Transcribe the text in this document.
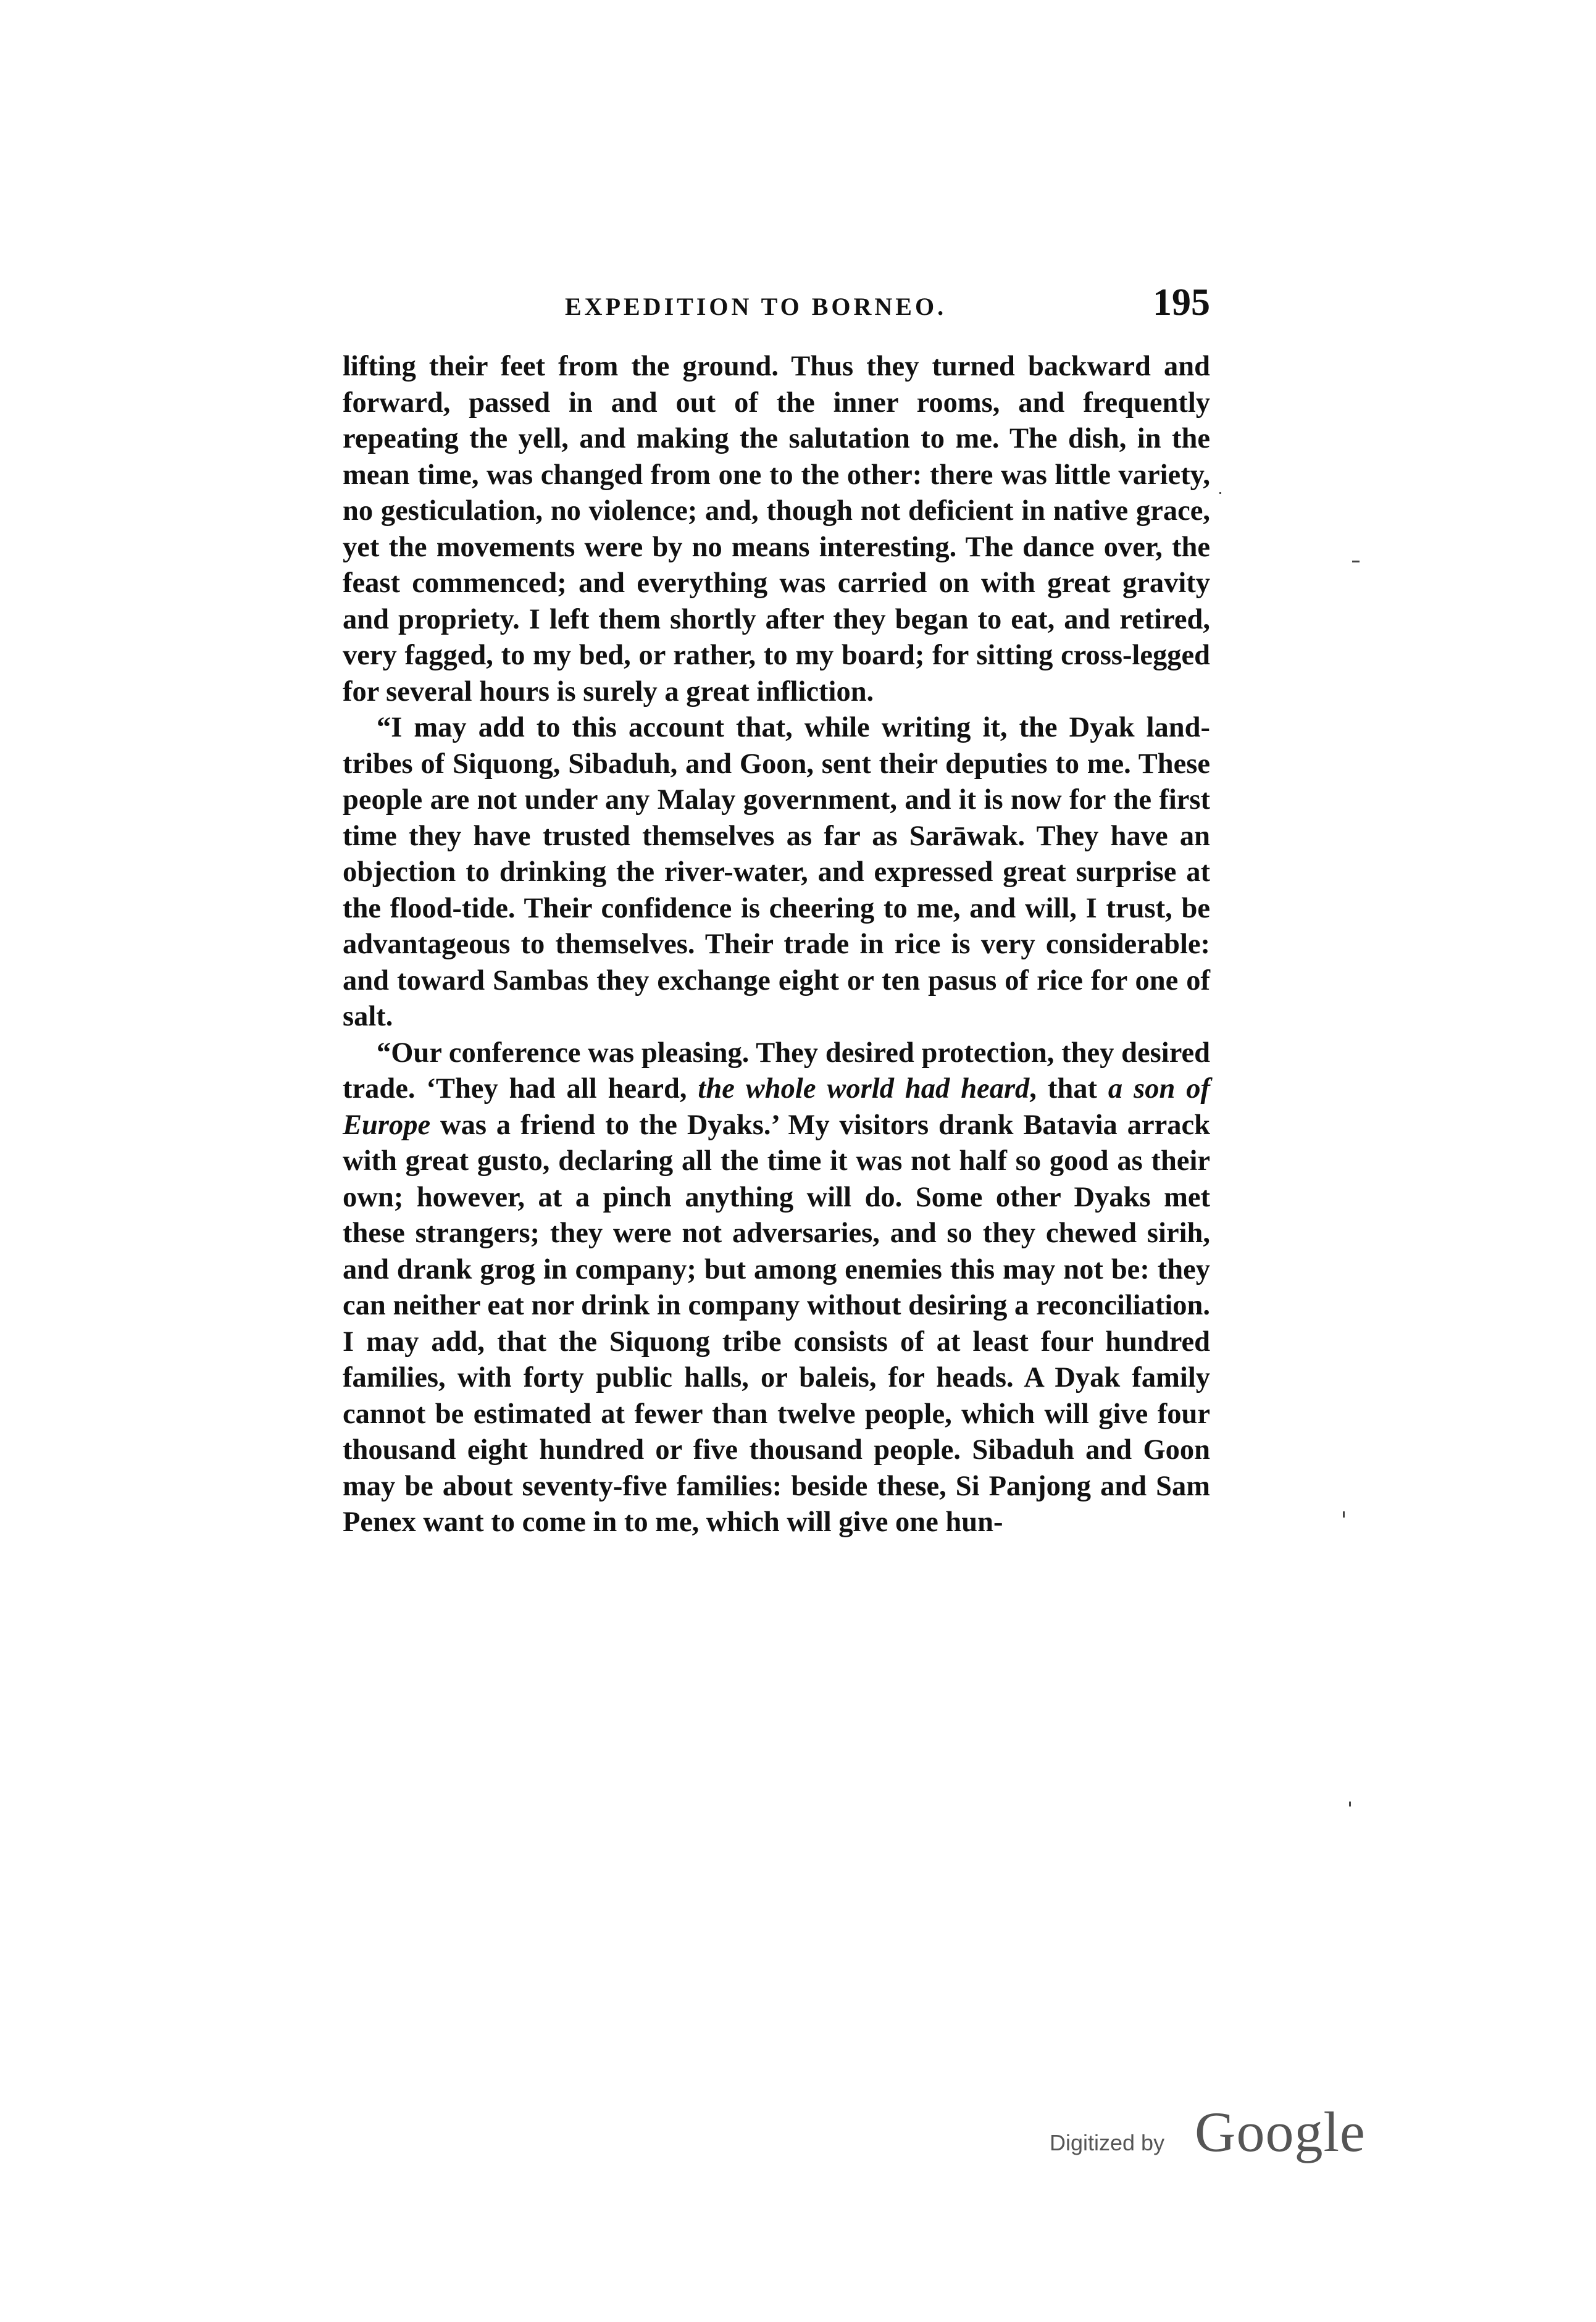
EXPEDITION TO BORNEO.	195

lifting their feet from the ground. Thus they turned backward and forward, passed in and out of the inner rooms, and frequently repeating the yell, and making the salutation to me. The dish, in the mean time, was changed from one to the other: there was little variety, no gesticulation, no violence; and, though not deficient in native grace, yet the movements were by no means interesting. The dance over, the feast commenced; and everything was carried on with great gravity and propriety. I left them shortly after they began to eat, and retired, very fagged, to my bed, or rather, to my board; for sitting cross-legged for several hours is surely a great infliction.

“I may add to this account that, while writing it, the Dyak land-tribes of Siquong, Sibaduh, and Goon, sent their deputies to me. These people are not under any Malay government, and it is now for the first time they have trusted themselves as far as Sarāwak. They have an objection to drinking the river-water, and expressed great surprise at the flood-tide. Their confidence is cheering to me, and will, I trust, be advantageous to themselves. Their trade in rice is very considerable: and toward Sambas they exchange eight or ten pasus of rice for one of salt.

“Our conference was pleasing. They desired protection, they desired trade. ‘They had all heard, the whole world had heard, that a son of Europe was a friend to the Dyaks.’ My visitors drank Batavia arrack with great gusto, declaring all the time it was not half so good as their own; however, at a pinch anything will do. Some other Dyaks met these strangers; they were not adversaries, and so they chewed sirih, and drank grog in company; but among enemies this may not be: they can neither eat nor drink in company without desiring a reconciliation. I may add, that the Siquong tribe consists of at least four hundred families, with forty public halls, or baleis, for heads. A Dyak family cannot be estimated at fewer than twelve people, which will give four thousand eight hundred or five thousand people. Sibaduh and Goon may be about seventy-five families: beside these, Si Panjong and Sam Penex want to come in to me, which will give one hun-

Digitized by Google
